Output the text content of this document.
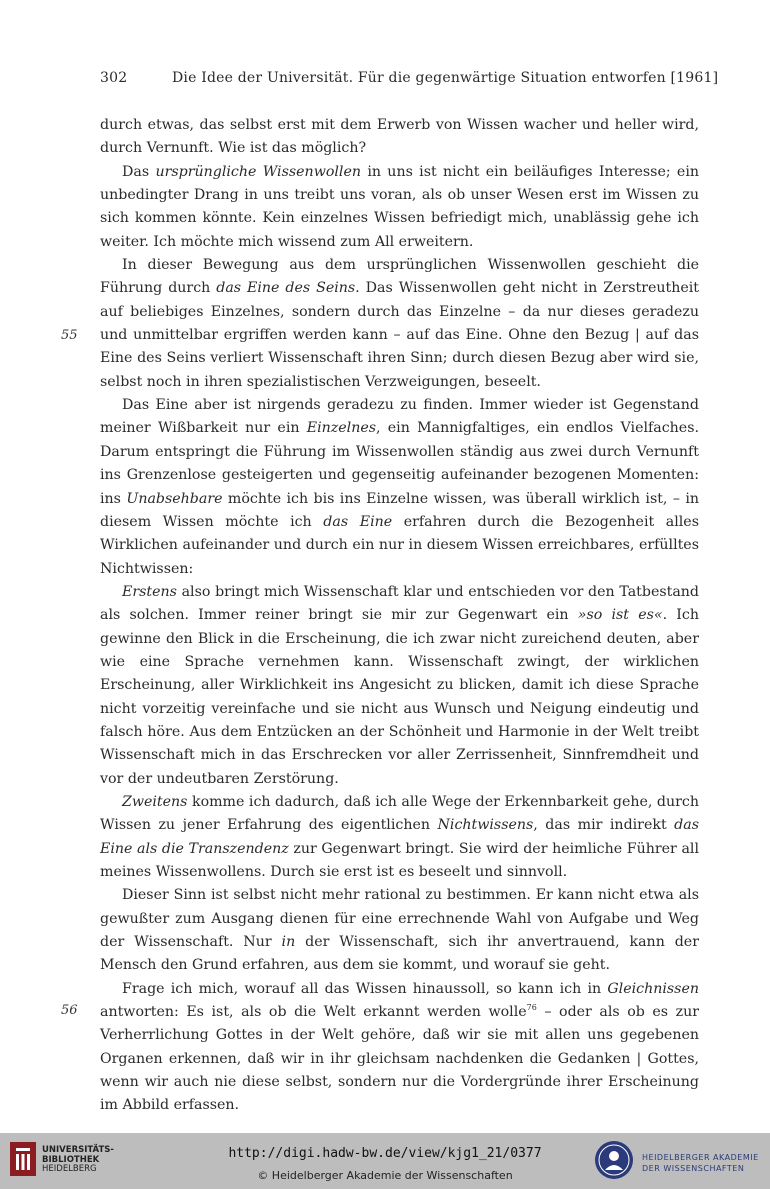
302	Die Idee der Universität. Für die gegenwärtige Situation entworfen [1961]
55
56

durch etwas, das selbst erst mit dem Erwerb von Wissen wacher und heller wird, durch Vernunft. Wie ist das möglich?

Das ursprüngliche Wissenwollen in uns ist nicht ein beiläufiges Interesse; ein unbedingter Drang in uns treibt uns voran, als ob unser Wesen erst im Wissen zu sich kommen könnte. Kein einzelnes Wissen befriedigt mich, unablässig gehe ich weiter. Ich möchte mich wissend zum All erweitern.

In dieser Bewegung aus dem ursprünglichen Wissenwollen geschieht die Führung durch das Eine des Seins. Das Wissenwollen geht nicht in Zerstreutheit auf beliebiges Einzelnes, sondern durch das Einzelne – da nur dieses geradezu und unmittelbar ergriffen werden kann – auf das Eine. Ohne den Bezug | auf das Eine des Seins verliert Wissenschaft ihren Sinn; durch diesen Bezug aber wird sie, selbst noch in ihren spezialistischen Verzweigungen, beseelt.

Das Eine aber ist nirgends geradezu zu finden. Immer wieder ist Gegenstand meiner Wißbarkeit nur ein Einzelnes, ein Mannigfaltiges, ein endlos Vielfaches. Darum entspringt die Führung im Wissenwollen ständig aus zwei durch Vernunft ins Grenzenlose gesteigerten und gegenseitig aufeinander bezogenen Momenten: ins Unabsehbare möchte ich bis ins Einzelne wissen, was überall wirklich ist, – in diesem Wissen möchte ich das Eine erfahren durch die Bezogenheit alles Wirklichen aufeinander und durch ein nur in diesem Wissen erreichbares, erfülltes Nichtwissen:

Erstens also bringt mich Wissenschaft klar und entschieden vor den Tatbestand als solchen. Immer reiner bringt sie mir zur Gegenwart ein »so ist es«. Ich gewinne den Blick in die Erscheinung, die ich zwar nicht zureichend deuten, aber wie eine Sprache vernehmen kann. Wissenschaft zwingt, der wirklichen Erscheinung, aller Wirklichkeit ins Angesicht zu blicken, damit ich diese Sprache nicht vorzeitig vereinfache und sie nicht aus Wunsch und Neigung eindeutig und falsch höre. Aus dem Entzücken an der Schönheit und Harmonie in der Welt treibt Wissenschaft mich in das Erschrecken vor aller Zerrissenheit, Sinnfremdheit und vor der undeutbaren Zerstörung.

Zweitens komme ich dadurch, daß ich alle Wege der Erkennbarkeit gehe, durch Wissen zu jener Erfahrung des eigentlichen Nichtwissens, das mir indirekt das Eine als die Transzendenz zur Gegenwart bringt. Sie wird der heimliche Führer all meines Wissenwollens. Durch sie erst ist es beseelt und sinnvoll.

Dieser Sinn ist selbst nicht mehr rational zu bestimmen. Er kann nicht etwa als gewußter zum Ausgang dienen für eine errechnende Wahl von Aufgabe und Weg der Wissenschaft. Nur in der Wissenschaft, sich ihr anvertrauend, kann der Mensch den Grund erfahren, aus dem sie kommt, und worauf sie geht.

Frage ich mich, worauf all das Wissen hinaussoll, so kann ich in Gleichnissen antworten: Es ist, als ob die Welt erkannt werden wolle$^{76}$ – oder als ob es zur Verherrlichung Gottes in der Welt gehöre, daß wir sie mit allen uns gegebenen Organen erkennen, daß wir in ihr gleichsam nachdenken die Gedanken | Gottes, wenn wir auch nie diese selbst, sondern nur die Vordergründe ihrer Erscheinung im Abbild erfassen.

UNIVERSITÄTS-
BIBLIOTHEK
HEIDELBERG
http://digi.hadw-bw.de/view/kjg1_21/0377
© Heidelberger Akademie der Wissenschaften
HEIDELBERGER AKADEMIE
DER WISSENSCHAFTEN
